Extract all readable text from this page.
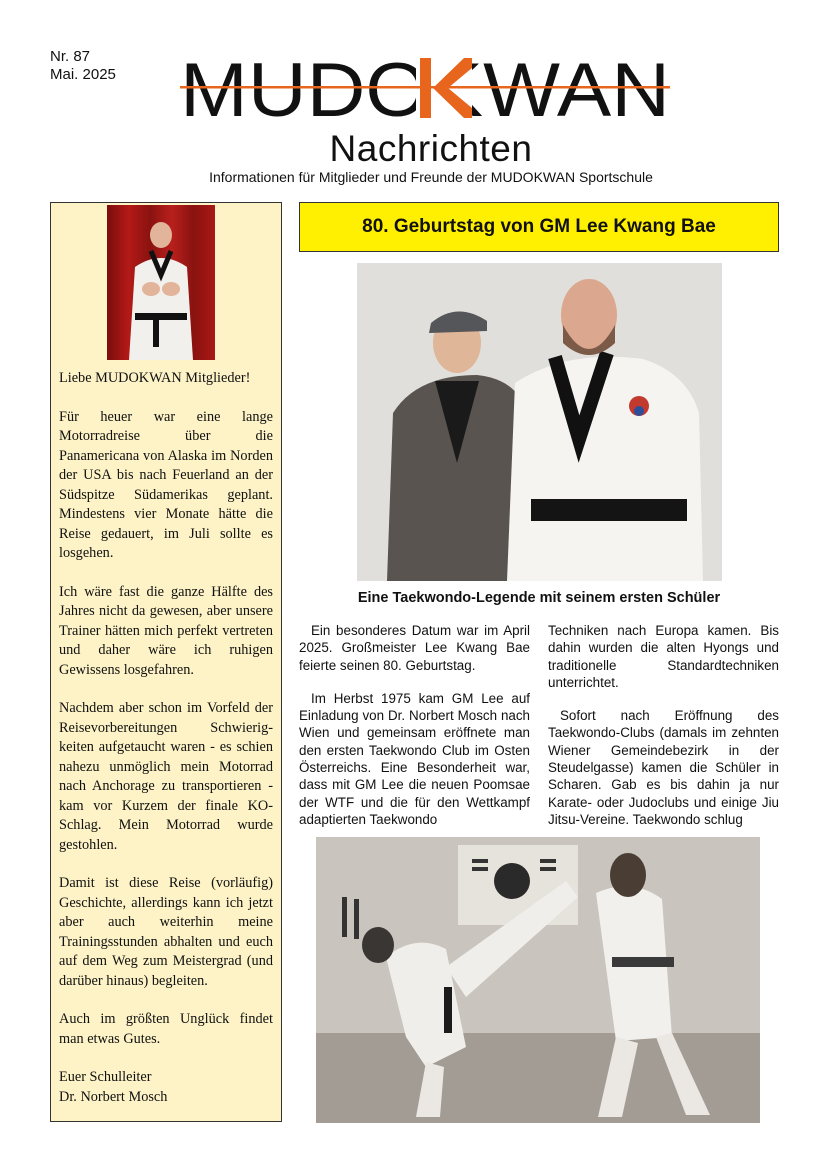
Nr. 87
Mai. 2025
Nachrichten
Informationen für Mitglieder und Freunde der MUDOKWAN Sportschule

Liebe MUDOKWAN Mitglieder!

Für heuer war eine lange Motorradreise über die Panamericana von Alaska im Norden der USA bis nach Feuerland an der Südspitze Südamerikas geplant. Mindestens vier Monate hätte die Reise gedauert, im Juli sollte es losgehen.

Ich wäre fast die ganze Hälfte des Jahres nicht da gewesen, aber unsere Trainer hätten mich perfekt vertreten und daher wäre ich ruhigen Gewissens losgefahren.

Nachdem aber schon im Vorfeld der Reisevorbereitungen Schwierig-keiten aufgetaucht waren - es schien nahezu unmöglich mein Motorrad nach Anchorage zu transportieren - kam vor Kurzem der finale KO-Schlag. Mein Motorrad wurde gestohlen.

Damit ist diese Reise (vorläufig) Geschichte, allerdings kann ich jetzt aber auch weiterhin meine Trainingsstunden abhalten und euch auf dem Weg zum Meistergrad (und darüber hinaus) begleiten.

Auch im größten Unglück findet man etwas Gutes.

Euer Schulleiter

Dr. Norbert Mosch

80. Geburtstag von GM Lee Kwang Bae
Eine Taekwondo-Legende mit seinem ersten Schüler

Ein besonderes Datum war im April 2025. Großmeister Lee Kwang Bae feierte seinen 80. Geburtstag.

Im Herbst 1975 kam GM Lee auf Einladung von Dr. Norbert Mosch nach Wien und gemeinsam eröffnete man den ersten Taekwondo Club im Osten Österreichs. Eine Besonderheit war, dass mit GM Lee die neuen Poomsae der WTF und die für den Wettkampf adaptierten Taekwondo

Techniken nach Europa kamen. Bis dahin wurden die alten Hyongs und traditionelle Standardtechniken unterrichtet.

Sofort nach Eröffnung des Taekwondo-Clubs (damals im zehnten Wiener Gemeindebezirk in der Steudelgasse) kamen die Schüler in Scharen. Gab es bis dahin ja nur Karate- oder Judoclubs und einige Jiu Jitsu-Vereine. Taekwondo schlug
